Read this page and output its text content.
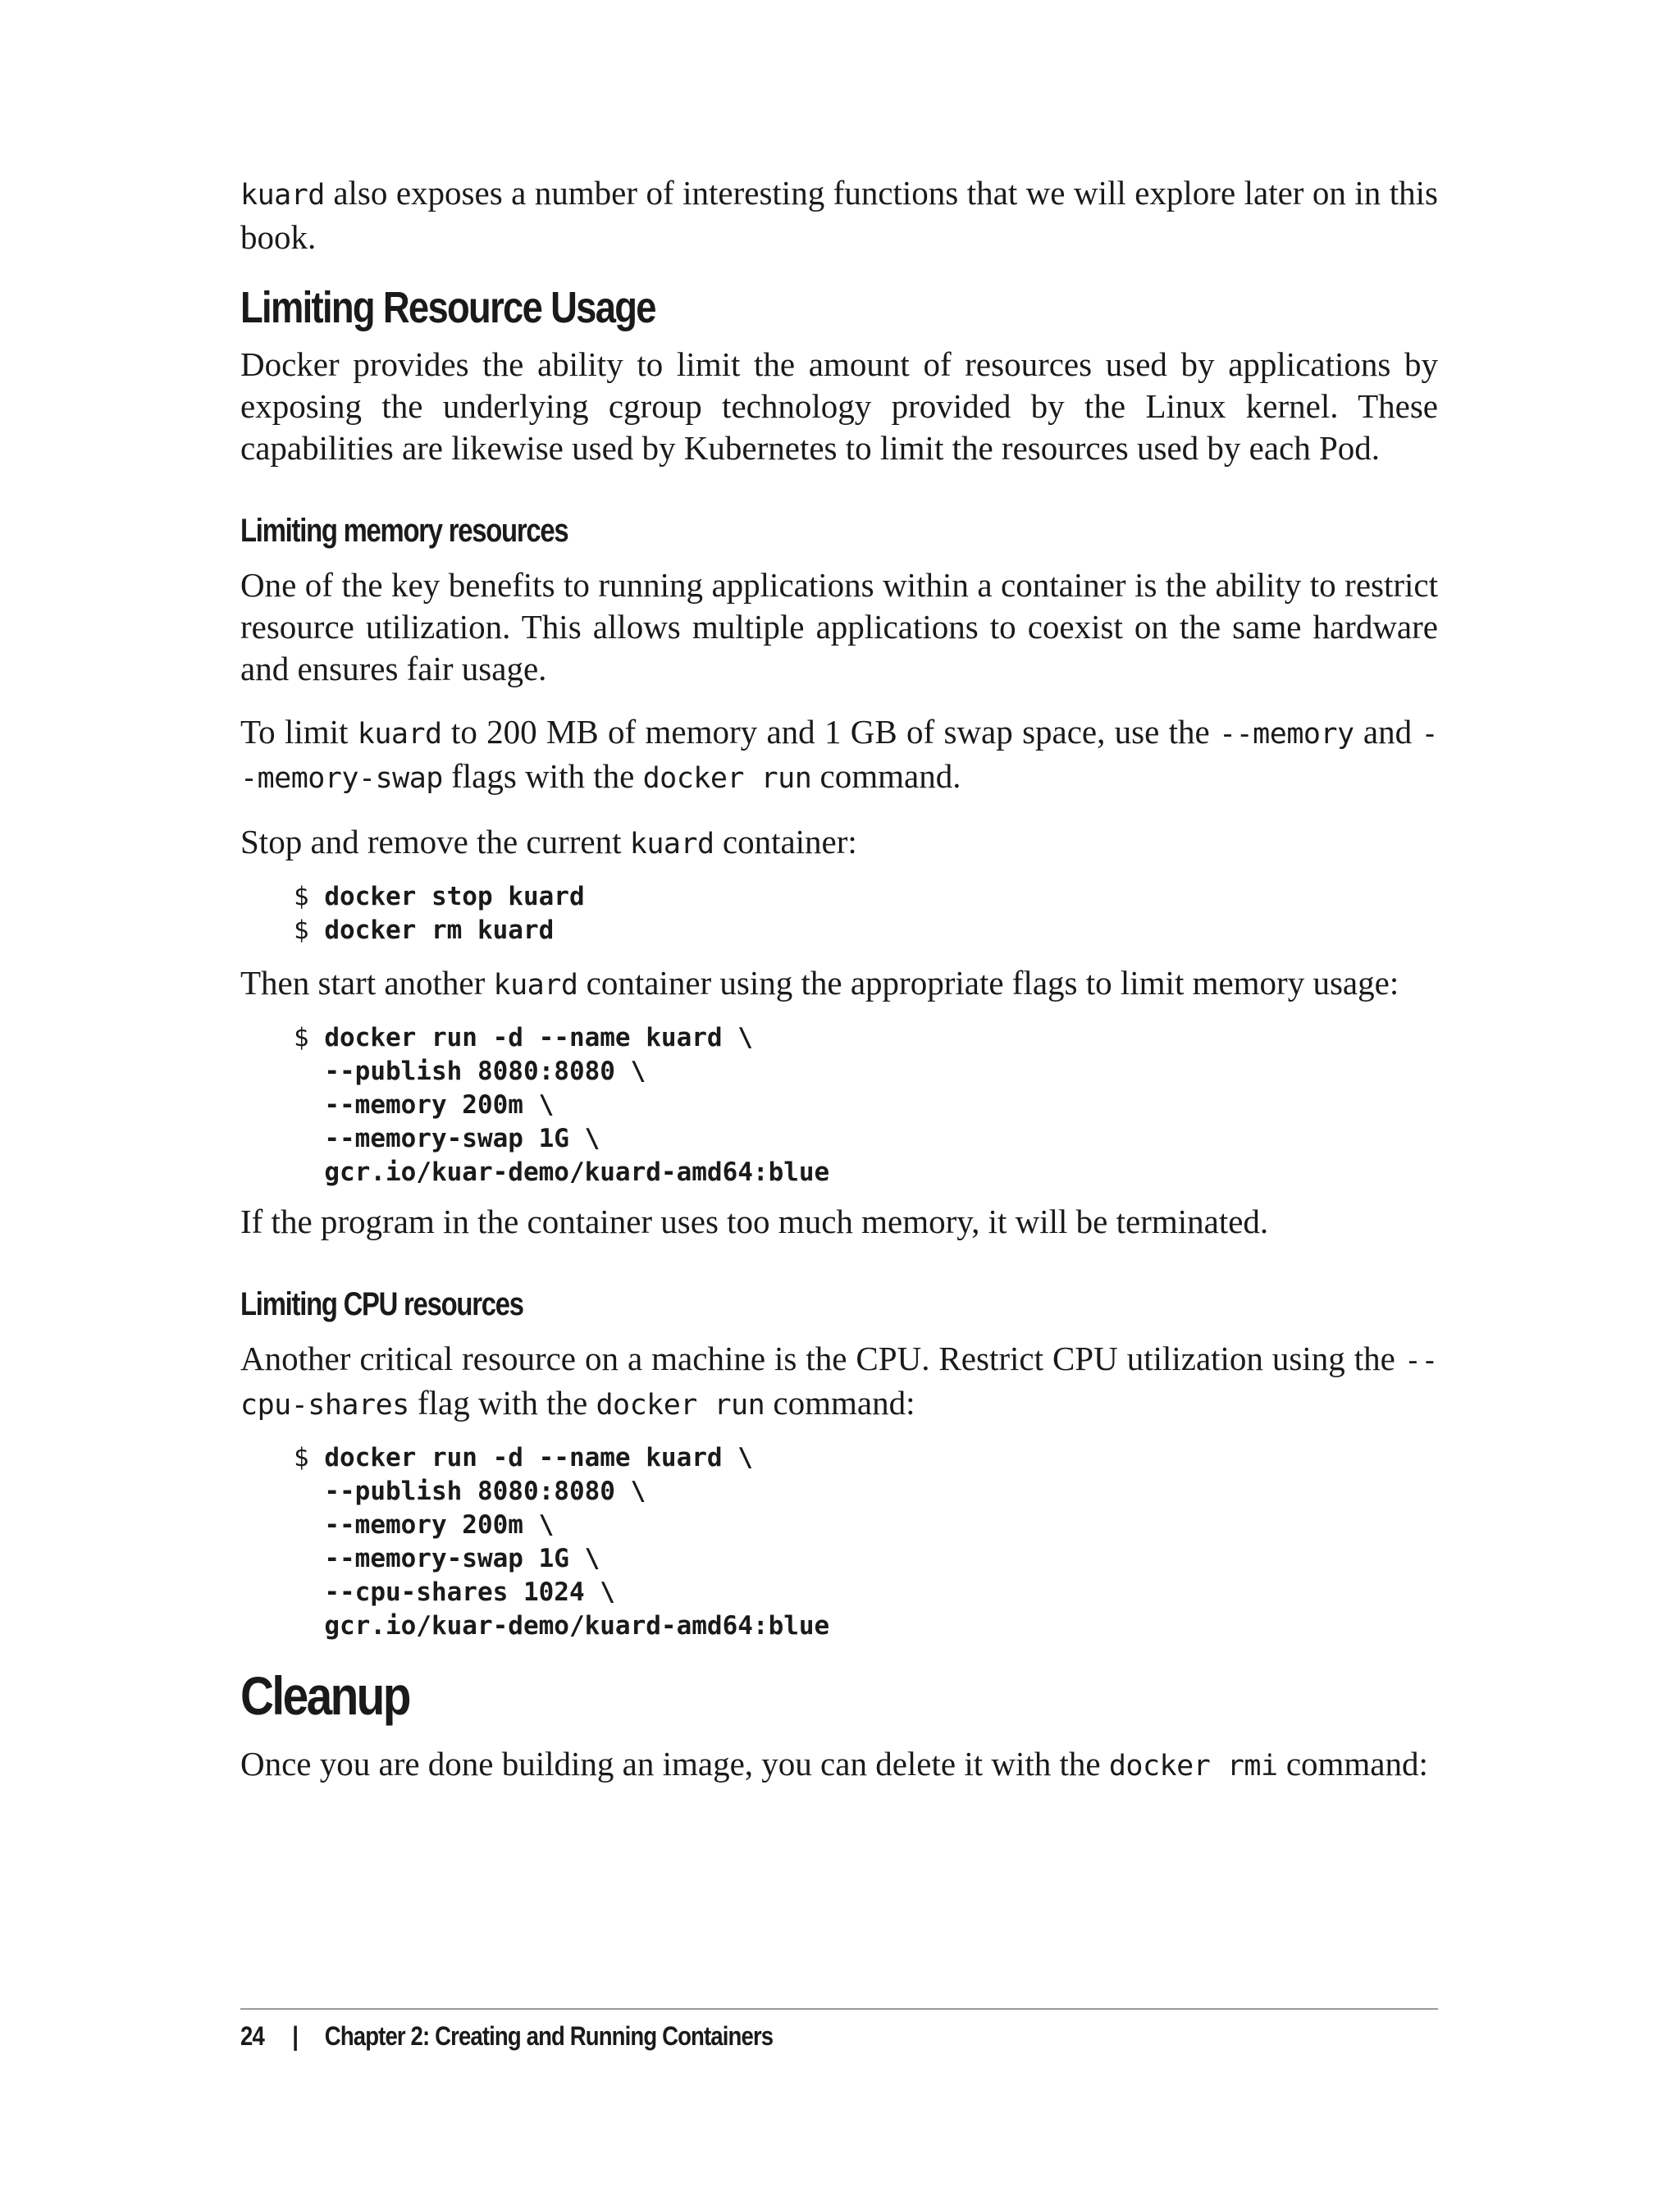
kuard also exposes a number of interesting functions that we will explore later on in this book.

Limiting Resource Usage

Docker provides the ability to limit the amount of resources used by applications by exposing the underlying cgroup technology provided by the Linux kernel. These capabilities are likewise used by Kubernetes to limit the resources used by each Pod.

Limiting memory resources

One of the key benefits to running applications within a container is the ability to restrict resource utilization. This allows multiple applications to coexist on the same hardware and ensures fair usage.

To limit kuard to 200 MB of memory and 1 GB of swap space, use the --memory and --memory-swap flags with the docker run command.

Stop and remove the current kuard container:

$ docker stop kuard
$ docker rm kuard

Then start another kuard container using the appropriate flags to limit memory usage:

$ docker run -d --name kuard \
--publish 8080:8080 \
--memory 200m \
--memory-swap 1G \
gcr.io/kuar-demo/kuard-amd64:blue

If the program in the container uses too much memory, it will be terminated.

Limiting CPU resources

Another critical resource on a machine is the CPU. Restrict CPU utilization using the --cpu-shares flag with the docker run command:

$ docker run -d --name kuard \
--publish 8080:8080 \
--memory 200m \
--memory-swap 1G \
--cpu-shares 1024 \
gcr.io/kuar-demo/kuard-amd64:blue
Cleanup

Once you are done building an image, you can delete it with the docker rmi command:

24 | Chapter 2: Creating and Running Containers
